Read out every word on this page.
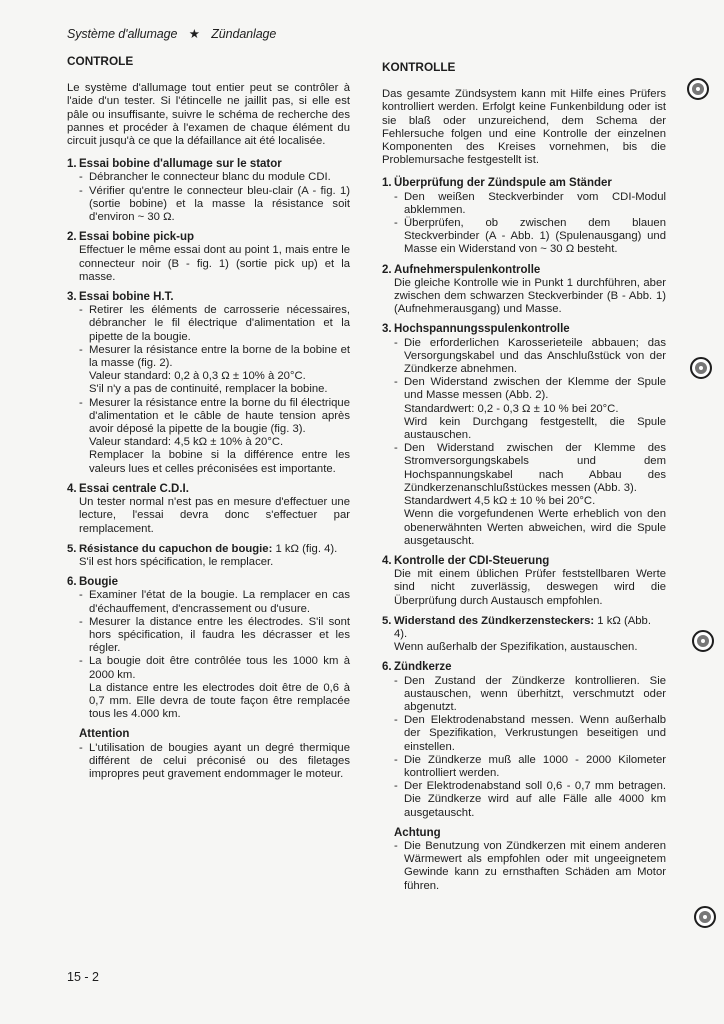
Système d'allumage ★ Zündanlage
CONTROLE
Le système d'allumage tout entier peut se contrôler à l'aide d'un tester. Si l'étincelle ne jaillit pas, si elle est pâle ou insuffisante, suivre le schéma de recherche des pannes et procéder à l'examen de chaque élément du circuit jusqu'à ce que la défaillance ait été localisée.
1. Essai bobine d'allumage sur le stator
- Débrancher le connecteur blanc du module CDI.
- Vérifier qu'entre le connecteur bleu-clair (A - fig. 1) (sortie bobine) et la masse la résistance soit d'environ ~ 30 Ω.
2. Essai bobine pick-up
Effectuer le même essai dont au point 1, mais entre le connecteur noir (B - fig. 1) (sortie pick up) et la masse.
3. Essai bobine H.T.
- Retirer les éléments de carrosserie nécessaires, débrancher le fil électrique d'alimentation et la pipette de la bougie.
- Mesurer la résistance entre la borne de la bobine et la masse (fig. 2).
Valeur standard: 0,2 à 0,3 Ω ± 10% à 20°C.
S'il n'y a pas de continuité, remplacer la bobine.
- Mesurer la résistance entre la borne du fil électrique d'alimentation et le câble de haute tension après avoir déposé la pipette de la bougie (fig. 3).
Valeur standard: 4,5 kΩ ± 10% à 20°C.
Remplacer la bobine si la différence entre les valeurs lues et celles préconisées est importante.
4. Essai centrale C.D.I.
Un tester normal n'est pas en mesure d'effectuer une lecture, l'essai devra donc s'effectuer par remplacement.
5. Résistance du capuchon de bougie: 1 kΩ (fig. 4).
S'il est hors spécification, le remplacer.
6. Bougie
- Examiner l'état de la bougie. La remplacer en cas d'échauffement, d'encrassement ou d'usure.
- Mesurer la distance entre les électrodes. S'il sont hors spécification, il faudra les décrasser et les régler.
- La bougie doit être contrôlée tous les 1000 km à 2000 km.
La distance entre les electrodes doit être de 0,6 à 0,7 mm. Elle devra de toute façon être remplacée tous les 4.000 km.
Attention
- L'utilisation de bougies ayant un degré thermique différent de celui préconisé ou des filetages impropres peut gravement endommager le moteur.
KONTROLLE
Das gesamte Zündsystem kann mit Hilfe eines Prüfers kontrolliert werden. Erfolgt keine Funkenbildung oder ist sie blaß oder unzureichend, dem Schema der Fehlersuche folgen und eine Kontrolle der einzelnen Komponenten des Kreises vornehmen, bis die Problemursache festgestellt ist.
1. Überprüfung der Zündspule am Ständer
- Den weißen Steckverbinder vom CDI-Modul abklemmen.
- Überprüfen, ob zwischen dem blauen Steckverbinder (A - Abb. 1) (Spulenausgang) und Masse ein Widerstand von ~ 30 Ω besteht.
2. Aufnehmerspulenkontrolle
Die gleiche Kontrolle wie in Punkt 1 durchführen, aber zwischen dem schwarzen Steckverbinder (B - Abb. 1) (Aufnehmerausgang) und Masse.
3. Hochspannungsspulenkontrolle
- Die erforderlichen Karosserieteile abbauen; das Versorgungskabel und das Anschlußstück von der Zündkerze abnehmen.
- Den Widerstand zwischen der Klemme der Spule und Masse messen (Abb. 2).
Standardwert: 0,2 - 0,3 Ω ± 10 % bei 20°C.
Wird kein Durchgang festgestellt, die Spule austauschen.
- Den Widerstand zwischen der Klemme des Stromversorgungskabels und dem Hochspannungskabel nach Abbau des Zündkerzenanschlußstückes messen (Abb. 3).
Standardwert 4,5 kΩ ± 10 % bei 20°C.
Wenn die vorgefundenen Werte erheblich von den obenerwähnten Werten abweichen, wird die Spule ausgetauscht.
4. Kontrolle der CDI-Steuerung
Die mit einem üblichen Prüfer feststellbaren Werte sind nicht zuverlässig, deswegen wird die Überprüfung durch Austausch empfohlen.
5. Widerstand des Zündkerzensteckers: 1 kΩ (Abb. 4).
Wenn außerhalb der Spezifikation, austauschen.
6. Zündkerze
- Den Zustand der Zündkerze kontrollieren. Sie austauschen, wenn überhitzt, verschmutzt oder abgenutzt.
- Den Elektrodenabstand messen. Wenn außerhalb der Spezifikation, Verkrustungen beseitigen und einstellen.
- Die Zündkerze muß alle 1000 - 2000 Kilometer kontrolliert werden.
- Der Elektrodenabstand soll 0,6 - 0,7 mm betragen. Die Zündkerze wird auf alle Fälle alle 4000 km ausgetauscht.
Achtung
- Die Benutzung von Zündkerzen mit einem anderen Wärmewert als empfohlen oder mit ungeeignetem Gewinde kann zu ernsthaften Schäden am Motor führen.
15 - 2
